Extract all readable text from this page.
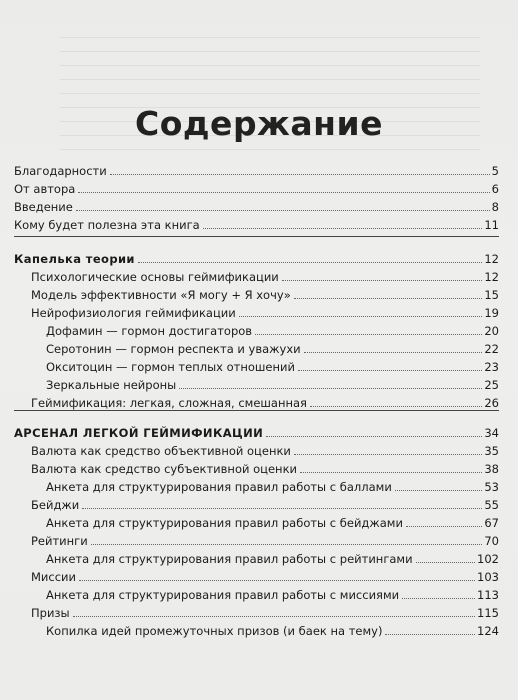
Содержание
Благодарности	5
От автора	6
Введение	8
Кому будет полезна эта книга	11
Капелька теории	12
Психологические основы геймификации	12
Модель эффективности «Я могу + Я хочу»	15
Нейрофизиология геймификации	19
Дофамин — гормон достигаторов	20
Серотонин — гормон респекта и уважухи	22
Окситоцин — гормон теплых отношений	23
Зеркальные нейроны	25
Геймификация: легкая, сложная, смешанная	26
АРСЕНАЛ ЛЕГКОЙ ГЕЙМИФИКАЦИИ	34
Валюта как средство объективной оценки	35
Валюта как средство субъективной оценки	38
Анкета для структурирования правил работы с баллами	53
Бейджи	55
Анкета для структурирования правил работы с бейджами	67
Рейтинги	70
Анкета для структурирования правил работы с рейтингами	102
Миссии	103
Анкета для структурирования правил работы с миссиями	113
Призы	115
Копилка идей промежуточных призов (и баек на тему)	124
